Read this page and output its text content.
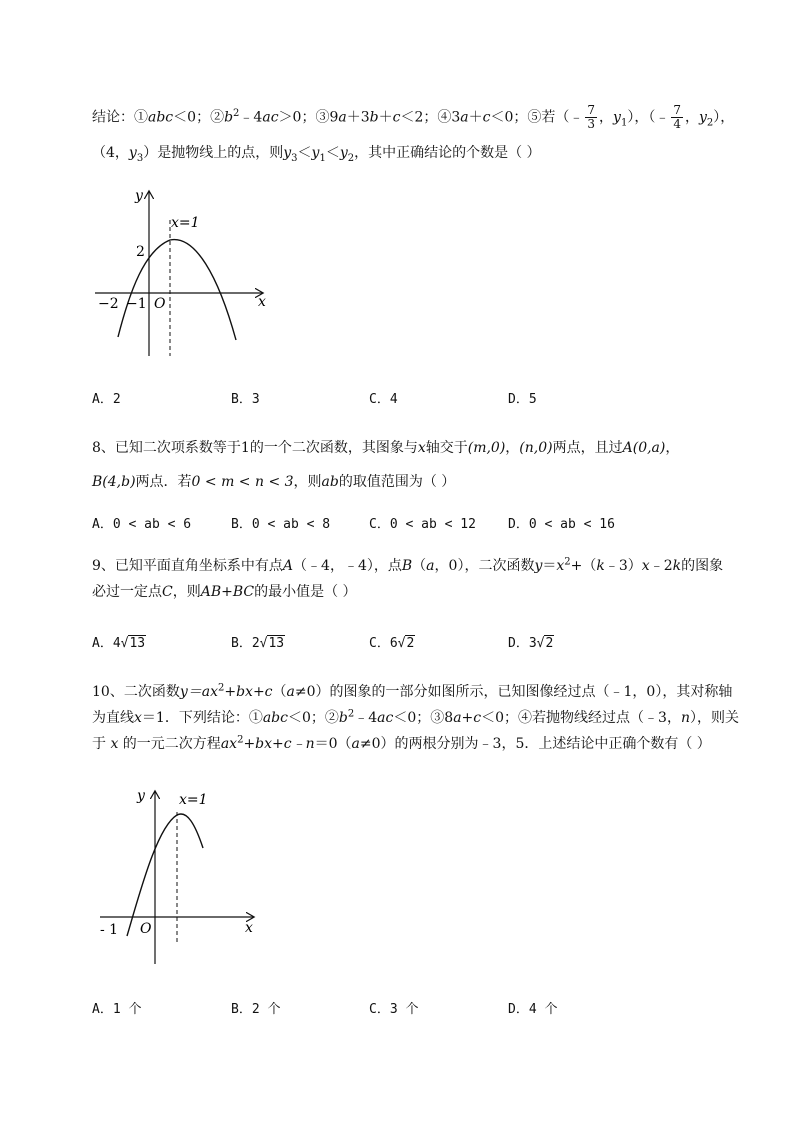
结论：①abc＜0；$②b^2﹣4ac>0$；③9a＋3b＋c＜2；④3a＋c＜0；⑤若（﹣ $\frac{7}{3}$ ，$y_1$），（﹣ $\frac{7}{4}$ ，$y_2$），
（4，$y_3$）是抛物线上的点，则$y_3<y_1<y_2$，其中正确结论的个数是（ ）
y
x
x=1
2
−2 −1 O
A．2	B．3	C．4	D．5
8、已知二次项系数等于1的一个二次函数，其图象与x轴交于(m,0)，(n,0)两点，且过A(0,a)，
B(4,b)两点．若0 < m < n < 3，则ab的取值范围为（ ）
A．0 < ab < 6	B．0 < ab < 8	C．0 < ab < 12 D．0 < ab < 16
9、已知平面直角坐标系中有点A（﹣4，﹣4），点B（a，0），二次函数$y=x^2+(k﹣3)x﹣2k$的图象
必过一定点C，则AB+BC的最小值是（ ）
A．4√13	B．2√13	C．6√2	D．3√2
10、二次函数$y=ax^2+bx+c(a\ne 0)$的图象的一部分如图所示，已知图像经过点（﹣1，0），其对称轴
为直线x＝1．下列结论：①abc＜0；$②b^2﹣4ac<0$；③8a+c＜0；④若抛物线经过点（﹣3，n），则关
于 x 的一元二次方程$ax^2+bx+c﹣n=0(a\ne 0)$的两根分别为﹣3，5．上述结论中正确个数有（ ）
y
x
x=1
- 1 O
A．1 个	B．2 个	C．3 个	D．4 个
